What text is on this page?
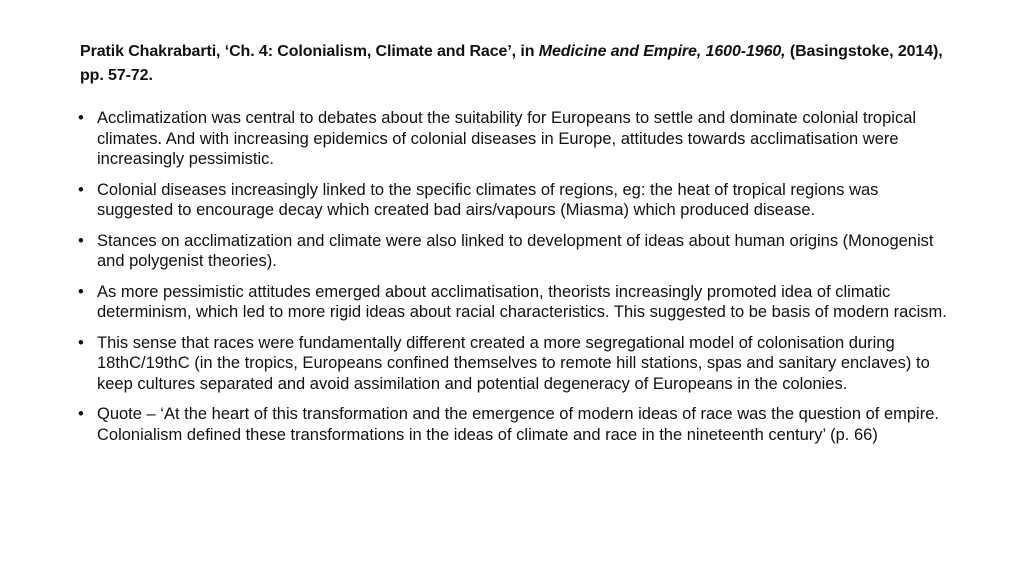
Pratik Chakrabarti, ‘Ch. 4: Colonialism, Climate and Race’, in Medicine and Empire, 1600-1960, (Basingstoke, 2014), pp. 57-72.
• Acclimatization was central to debates about the suitability for Europeans to settle and dominate colonial tropical climates. And with increasing epidemics of colonial diseases in Europe, attitudes towards acclimatisation were increasingly pessimistic.
• Colonial diseases increasingly linked to the specific climates of regions, eg: the heat of tropical regions was suggested to encourage decay which created bad airs/vapours (Miasma) which produced disease.
• Stances on acclimatization and climate were also linked to development of ideas about human origins (Monogenist and polygenist theories).
• As more pessimistic attitudes emerged about acclimatisation, theorists increasingly promoted idea of climatic determinism, which led to more rigid ideas about racial characteristics. This suggested to be basis of modern racism.
• This sense that races were fundamentally different created a more segregational model of colonisation during 18thC/19thC (in the tropics, Europeans confined themselves to remote hill stations, spas and sanitary enclaves) to keep cultures separated and avoid assimilation and potential degeneracy of Europeans in the colonies.
• Quote – ‘At the heart of this transformation and the emergence of modern ideas of race was the question of empire. Colonialism defined these transformations in the ideas of climate and race in the nineteenth century’ (p. 66)
